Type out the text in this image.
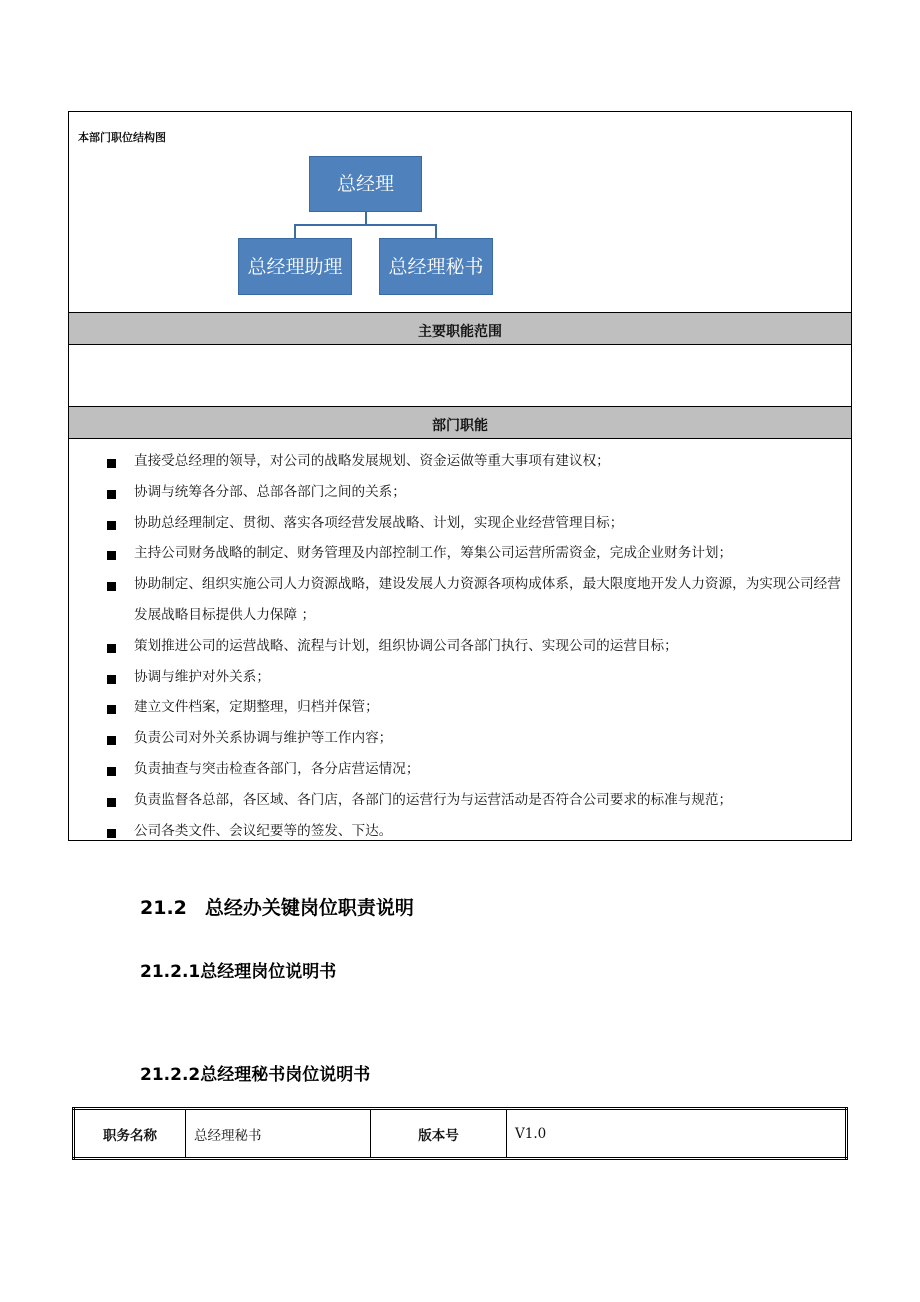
本部门职位结构图
总经理
总经理助理	总经理秘书
主要职能范围
部门职能
直接受总经理的领导，对公司的战略发展规划、资金运做等重大事项有建议权；
协调与统筹各分部、总部各部门之间的关系；
协助总经理制定、贯彻、落实各项经营发展战略、计划，实现企业经营管理目标；
主持公司财务战略的制定、财务管理及内部控制工作，筹集公司运营所需资金，完成企业财务计划；
协助制定、组织实施公司人力资源战略，建设发展人力资源各项构成体系，最大限度地开发人力资源，为实现公司经营发展战略目标提供人力保障 ；
策划推进公司的运营战略、流程与计划，组织协调公司各部门执行、实现公司的运营目标；
协调与维护对外关系；
建立文件档案，定期整理，归档并保管；
负责公司对外关系协调与维护等工作内容；
负责抽查与突击检查各部门，各分店营运情况；
负责监督各总部，各区域、各门店，各部门的运营行为与运营活动是否符合公司要求的标准与规范；
公司各类文件、会议纪要等的签发、下达。
21.2 总经办关键岗位职责说明
21.2.1总经理岗位说明书
21.2.2总经理秘书岗位说明书
职务名称	总经理秘书	版本号	V1.0
